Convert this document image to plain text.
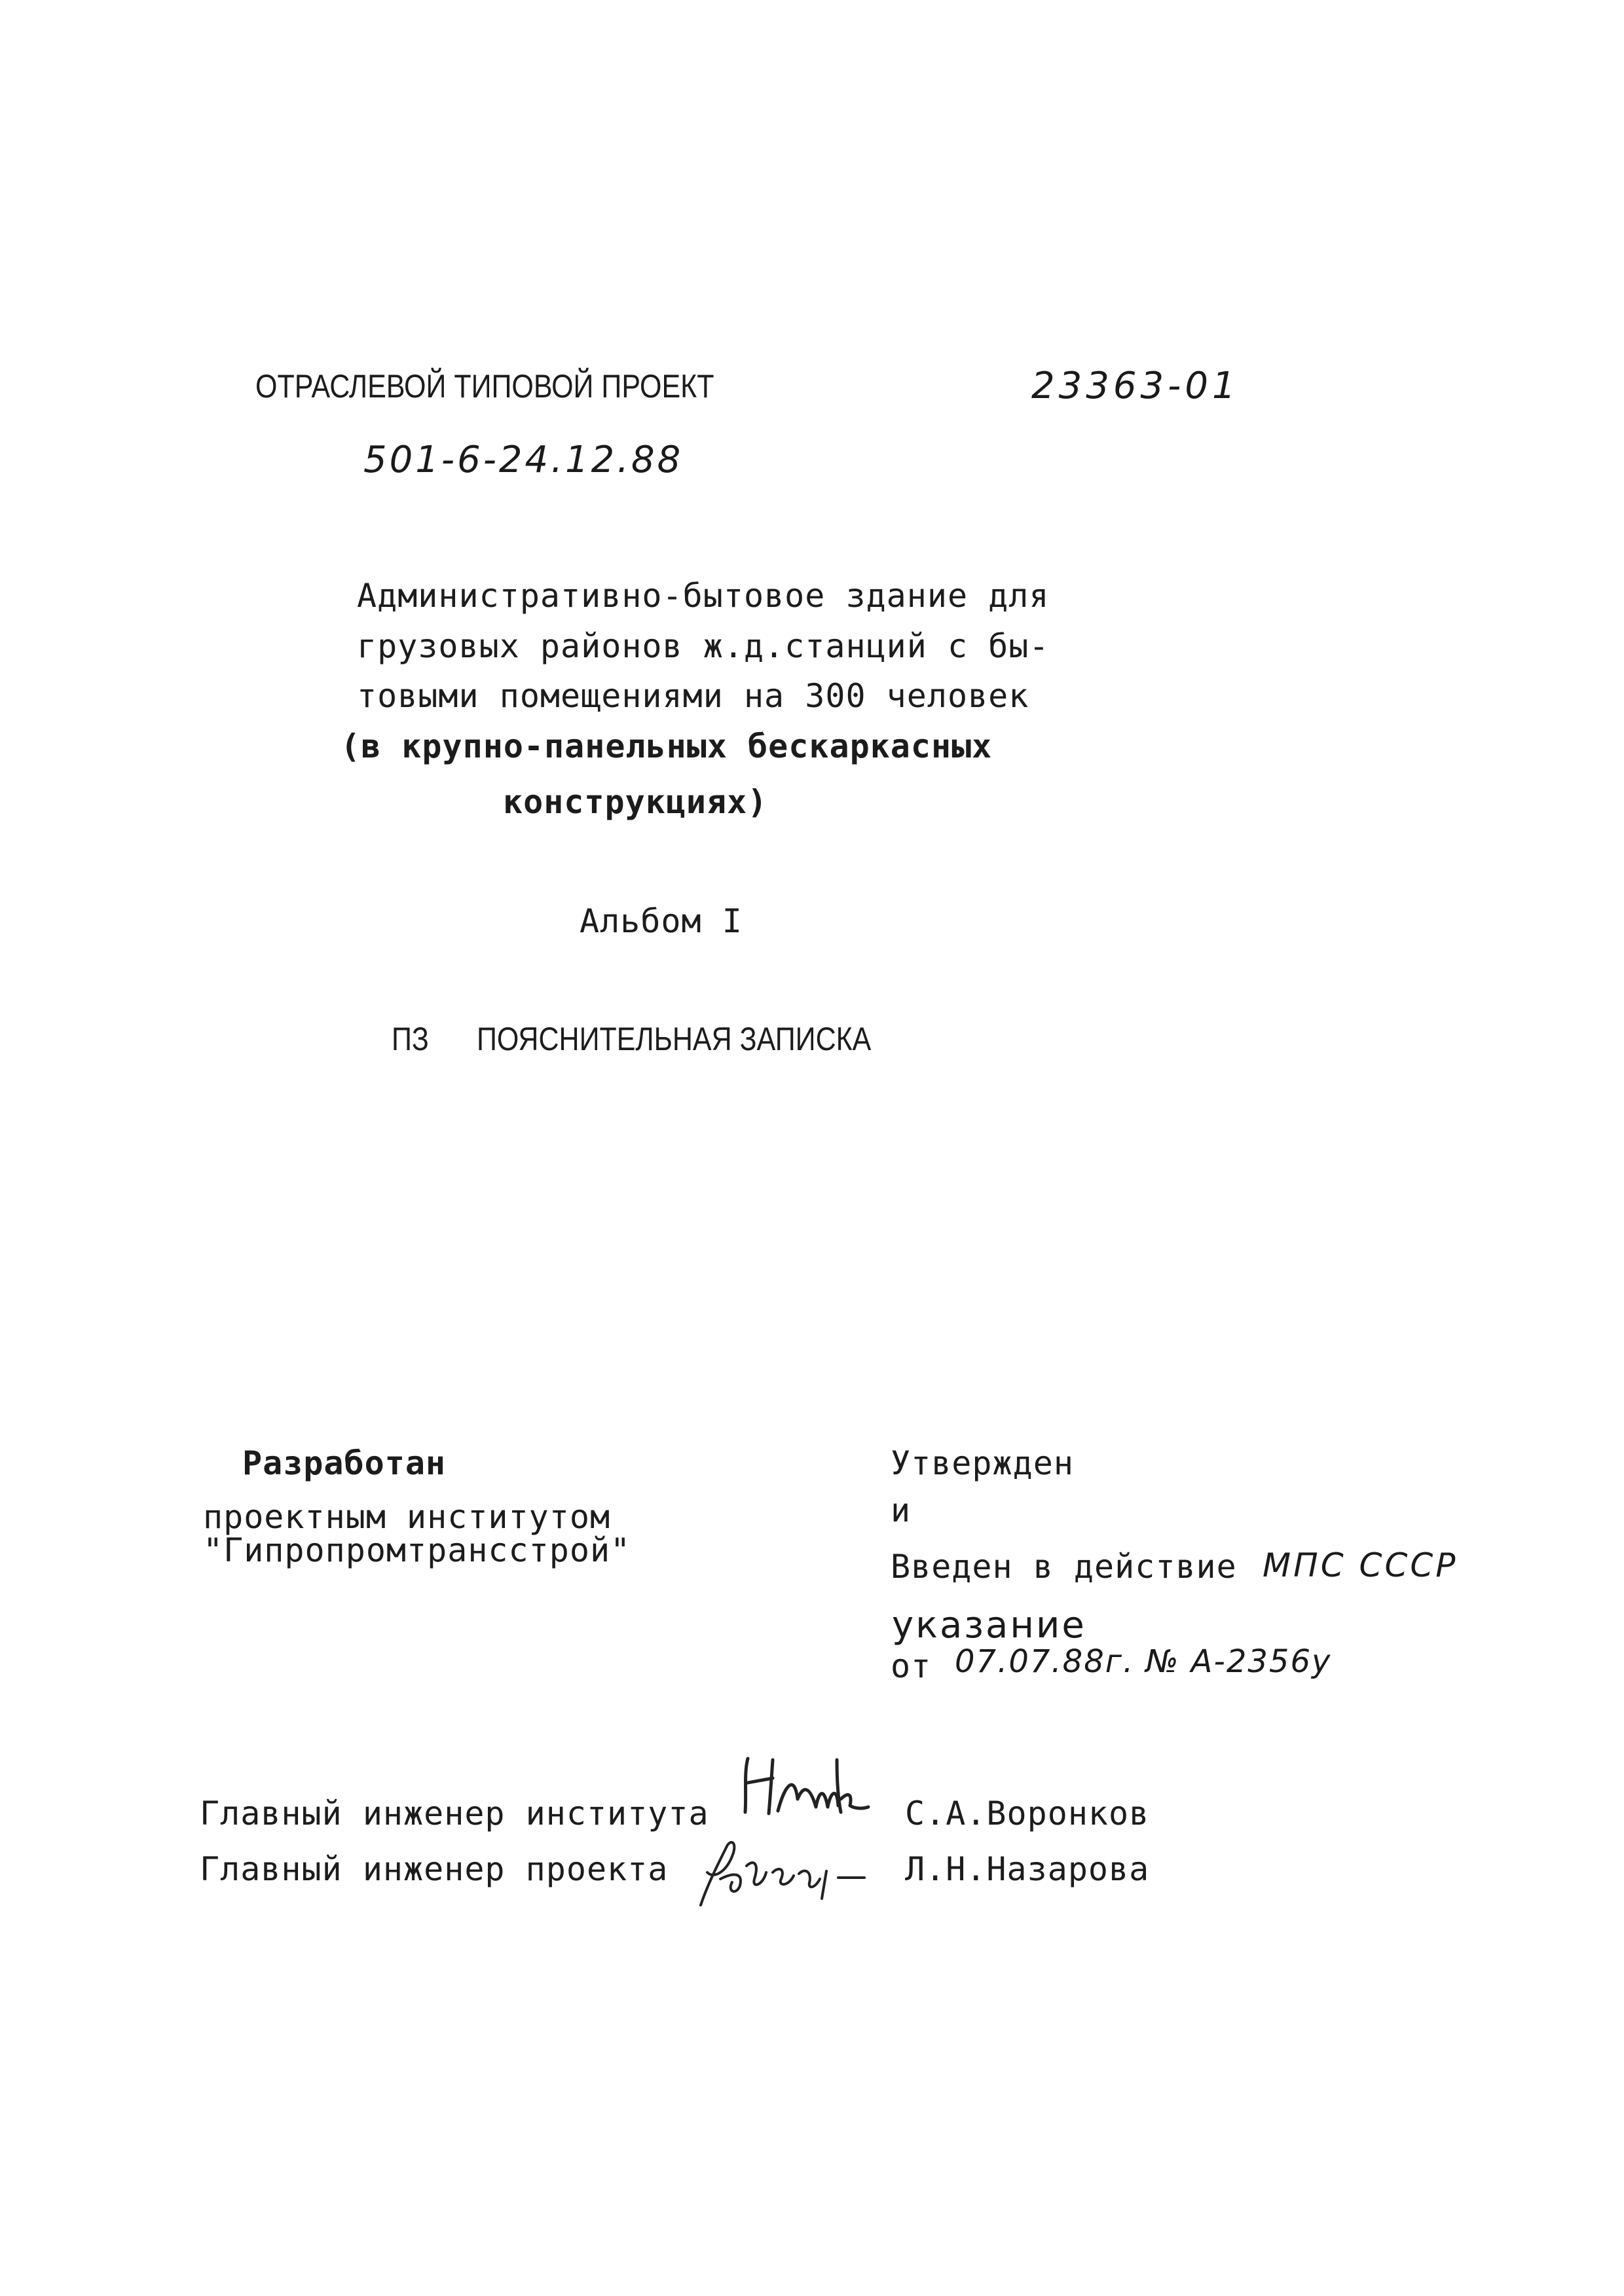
ОТРАСЛЕВОЙ ТИПОВОЙ ПРОЕКТ	23363-01
501-6-24.12.88
Административно-бытовое здание для
грузовых районов ж.д.станций с бы-
товыми помещениями на 300 человек
(в крупно-панельных бескаркасных
конструкциях)
Альбом I
ПЗ ПОЯСНИТЕЛЬНАЯ ЗАПИСКА
Разработан
проектным институтом
"Гипропромтрансстрой"
Утвержден
и
Введен в действие МПС СССР
указание
от 07.07.88г. № А-2356у
Главный инженер института	С.А.Воронков
Главный инженер проекта	Л.Н.Назарова
